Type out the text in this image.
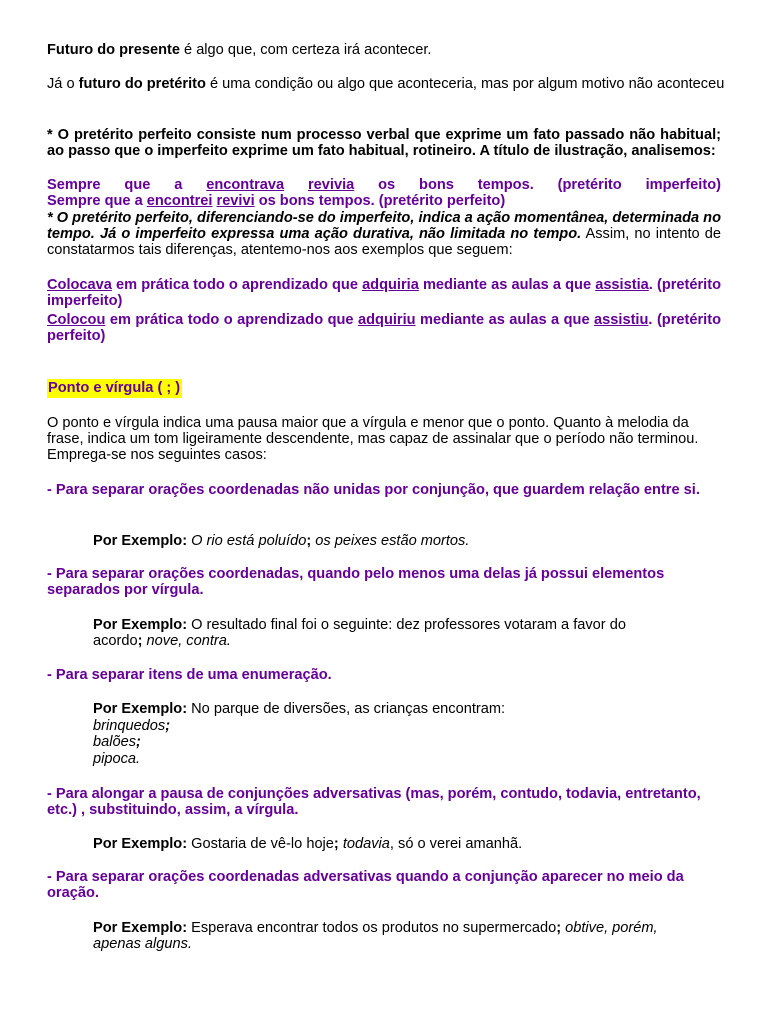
Futuro do presente é algo que, com certeza irá acontecer.

Já o futuro do pretérito é uma condição ou algo que aconteceria, mas por algum motivo não aconteceu

* O pretérito perfeito consiste num processo verbal que exprime um fato passado não habitual; ao passo que o imperfeito exprime um fato habitual, rotineiro. A título de ilustração, analisemos:

Sempre que a encontrava revivia os bons tempos. (pretérito imperfeito)

Sempre que a encontrei revivi os bons tempos. (pretérito perfeito)

* O pretérito perfeito, diferenciando-se do imperfeito, indica a ação momentânea, determinada no tempo. Já o imperfeito expressa uma ação durativa, não limitada no tempo. Assim, no intento de constatarmos tais diferenças, atentemo-nos aos exemplos que seguem:

Colocava em prática todo o aprendizado que adquiria mediante as aulas a que assistia. (pretérito imperfeito)

Colocou em prática todo o aprendizado que adquiriu mediante as aulas a que assistiu. (pretérito perfeito)

Ponto e vírgula ( ; )

O ponto e vírgula indica uma pausa maior que a vírgula e menor que o ponto. Quanto à melodia da frase, indica um tom ligeiramente descendente, mas capaz de assinalar que o período não terminou. Emprega-se nos seguintes casos:

- Para separar orações coordenadas não unidas por conjunção, que guardem relação entre si.

Por Exemplo: O rio está poluído; os peixes estão mortos.

- Para separar orações coordenadas, quando pelo menos uma delas já possui elementos separados por vírgula.

Por Exemplo: O resultado final foi o seguinte: dez professores votaram a favor do acordo; nove, contra.

- Para separar itens de uma enumeração.

Por Exemplo: No parque de diversões, as crianças encontram:

brinquedos;

balões;

pipoca.

- Para alongar a pausa de conjunções adversativas (mas, porém, contudo, todavia, entretanto, etc.) , substituindo, assim, a vírgula.

Por Exemplo: Gostaria de vê-lo hoje; todavia, só o verei amanhã.

- Para separar orações coordenadas adversativas quando a conjunção aparecer no meio da oração.

Por Exemplo: Esperava encontrar todos os produtos no supermercado; obtive, porém, apenas alguns.
